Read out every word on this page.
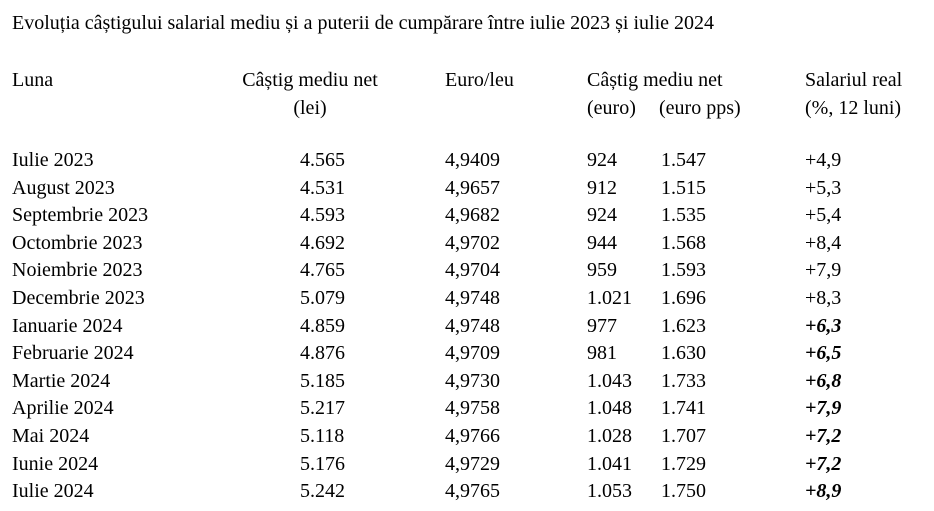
Evoluția câștigului salarial mediu și a puterii de cumpărare între iulie 2023 și iulie 2024
Luna	Câștig mediu net
(lei)
Euro/leu	Câștig mediu net
(euro) (euro pps)
Salariul real
(%, 12 luni)
Iulie 2023	4.565	4,9409	924 1.547	+4,9
August 2023	4.531	4,9657	912 1.515	+5,3
Septembrie 2023	4.593	4,9682	924 1.535	+5,4
Octombrie 2023	4.692	4,9702	944 1.568	+8,4
Noiembrie 2023	4.765	4,9704	959 1.593	+7,9
Decembrie 2023	5.079	4,9748	1.021 1.696	+8,3
Ianuarie 2024	4.859	4,9748	977 1.623	+6,3
Februarie 2024	4.876	4,9709	981 1.630	+6,5
Martie 2024	5.185	4,9730	1.043 1.733	+6,8
Aprilie 2024	5.217	4,9758	1.048 1.741	+7,9
Mai 2024	5.118	4,9766	1.028 1.707	+7,2
Iunie 2024	5.176	4,9729	1.041 1.729	+7,2
Iulie 2024	5.242	4,9765	1.053 1.750	+8,9
